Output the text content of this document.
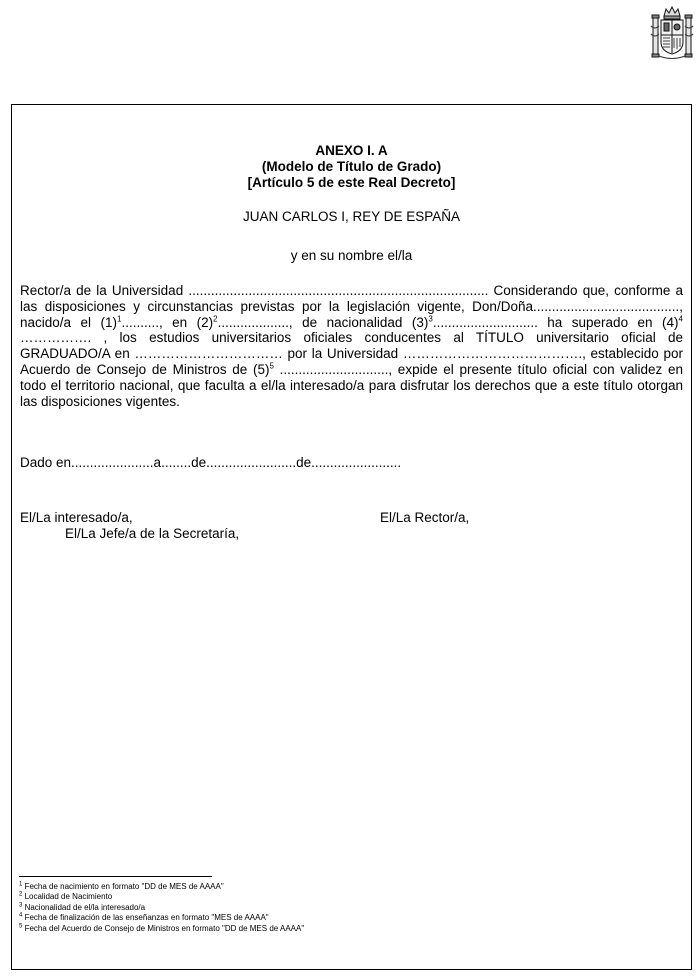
ANEXO I. A
(Modelo de Título de Grado)
[Artículo 5 de este Real Decreto]
JUAN CARLOS I, REY DE ESPAÑA
y en su nombre el/la

Rector/a de la Universidad ................................................................................ Considerando que, conforme a las disposiciones y circunstancias previstas por la legislación vigente, Don/Doña......................................., nacido/a el $(1)^1$.........., en $(2)^2$..................., de nacionalidad $(3)^3$............................ ha superado en $(4)^4$ ……………. , los estudios universitarios oficiales conducentes al TÍTULO universitario oficial de GRADUADO/A en …………………………… por la Universidad …………………………………., establecido por Acuerdo de Consejo de Ministros de $(5)^5$ ............................., expide el presente título oficial con validez en todo el territorio nacional, que faculta a el/la interesado/a para disfrutar los derechos que a este título otorgan las disposiciones vigentes.

Dado en......................a........de........................de........................
El/La interesado/a,	El/La Rector/a,
El/La Jefe/a de la Secretaría,
$^1$ Fecha de nacimiento en formato "DD de MES de AAAA"
$^2$ Localidad de Nacimiento
$^3$ Nacionalidad de el/la interesado/a
$^4$ Fecha de finalización de las enseñanzas en formato "MES de AAAA"
$^5$ Fecha del Acuerdo de Consejo de Ministros en formato "DD de MES de AAAA"
